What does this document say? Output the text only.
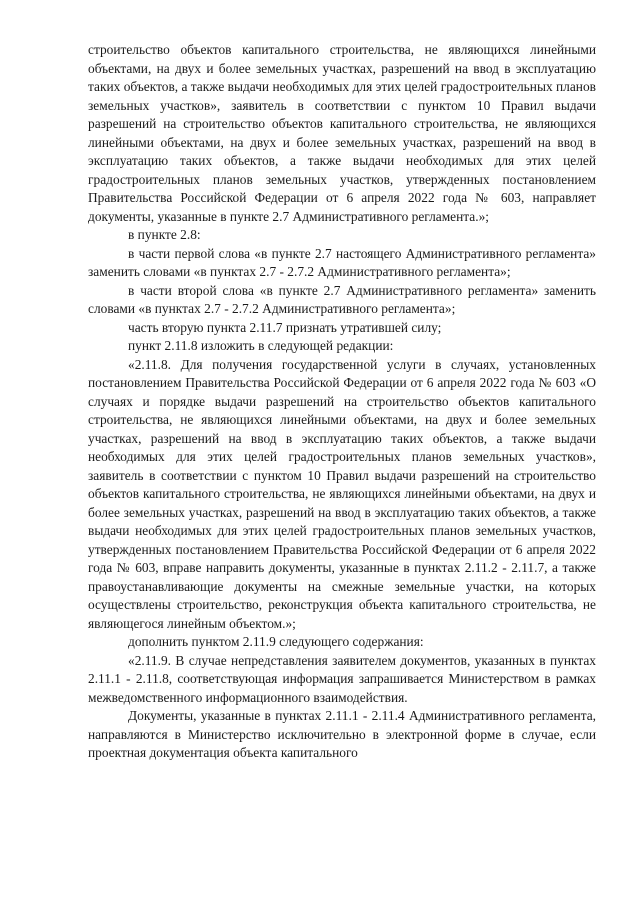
строительство объектов капитального строительства, не являющихся линейными объектами, на двух и более земельных участках, разрешений на ввод в эксплуатацию таких объектов, а также выдачи необходимых для этих целей градостроительных планов земельных участков», заявитель в соответствии с пунктом 10 Правил выдачи разрешений на строительство объектов капитального строительства, не являющихся линейными объектами, на двух и более земельных участках, разрешений на ввод в эксплуатацию таких объектов, а также выдачи необходимых для этих целей градостроительных планов земельных участков, утвержденных постановлением Правительства Российской Федерации от 6 апреля 2022 года № 603, направляет документы, указанные в пункте 2.7 Административного регламента.»;

в пункте 2.8:

в части первой слова «в пункте 2.7 настоящего Административного регламента» заменить словами «в пунктах 2.7 - 2.7.2 Административного регламента»;

в части второй слова «в пункте 2.7 Административного регламента» заменить словами «в пунктах 2.7 - 2.7.2 Административного регламента»;

часть вторую пункта 2.11.7 признать утратившей силу;

пункт 2.11.8 изложить в следующей редакции:

«2.11.8. Для получения государственной услуги в случаях, установленных постановлением Правительства Российской Федерации от 6 апреля 2022 года № 603 «О случаях и порядке выдачи разрешений на строительство объектов капитального строительства, не являющихся линейными объектами, на двух и более земельных участках, разрешений на ввод в эксплуатацию таких объектов, а также выдачи необходимых для этих целей градостроительных планов земельных участков», заявитель в соответствии с пунктом 10 Правил выдачи разрешений на строительство объектов капитального строительства, не являющихся линейными объектами, на двух и более земельных участках, разрешений на ввод в эксплуатацию таких объектов, а также выдачи необходимых для этих целей градостроительных планов земельных участков, утвержденных постановлением Правительства Российской Федерации от 6 апреля 2022 года № 603, вправе направить документы, указанные в пунктах 2.11.2 - 2.11.7, а также правоустанавливающие документы на смежные земельные участки, на которых осуществлены строительство, реконструкция объекта капитального строительства, не являющегося линейным объектом.»;

дополнить пунктом 2.11.9 следующего содержания:

«2.11.9. В случае непредставления заявителем документов, указанных в пунктах 2.11.1 - 2.11.8, соответствующая информация запрашивается Министерством в рамках межведомственного информационного взаимодействия.

Документы, указанные в пунктах 2.11.1 - 2.11.4 Административного регламента, направляются в Министерство исключительно в электронной форме в случае, если проектная документация объекта капитального
